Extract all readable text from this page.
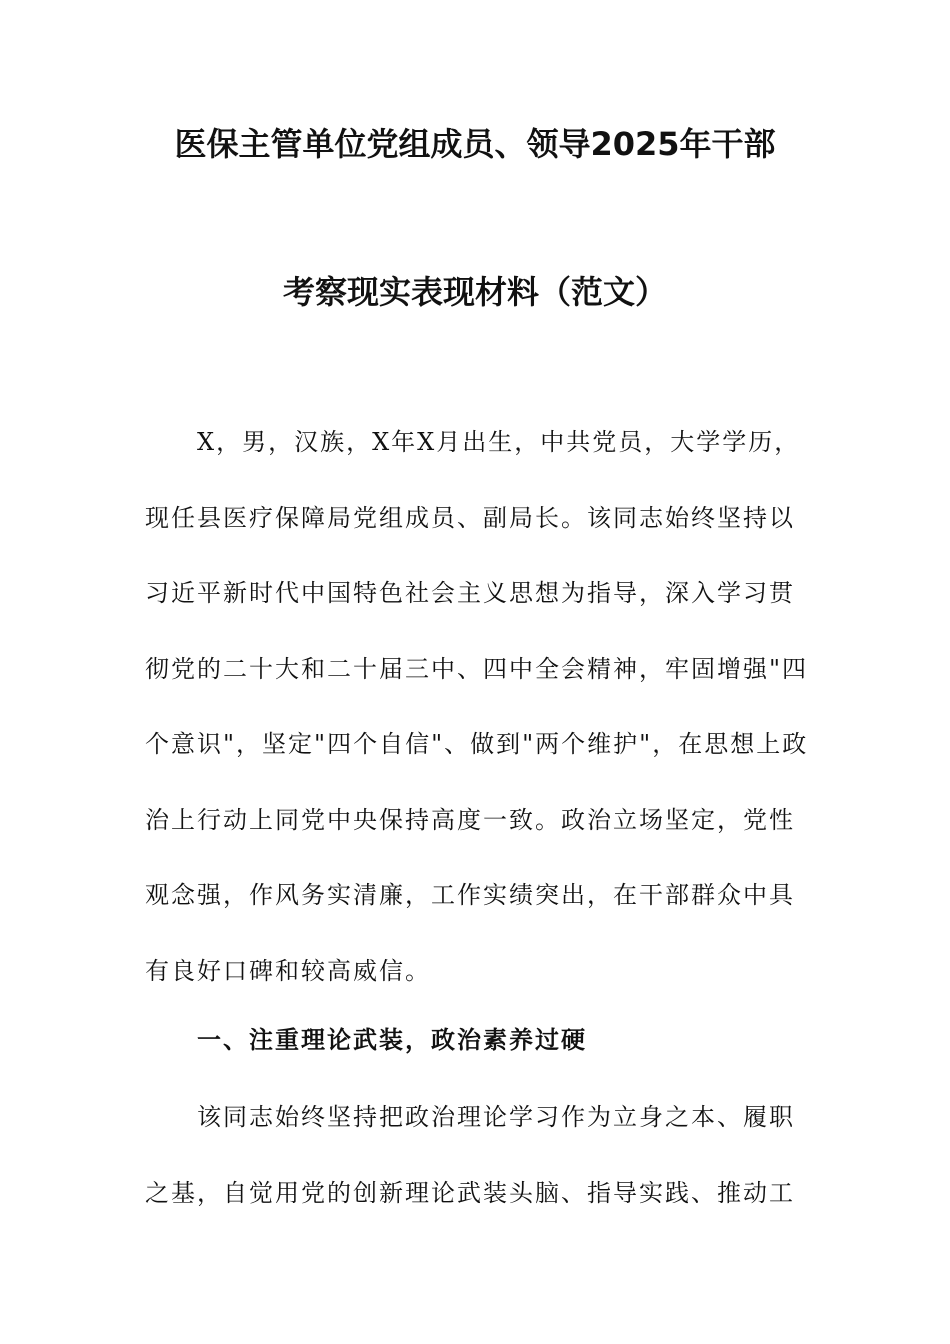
医保主管单位党组成员、领导2025年干部
考察现实表现材料（范文）
X，男，汉族，X年X月出生，中共党员，大学学历，
现任县医疗保障局党组成员、副局长。该同志始终坚持以
习近平新时代中国特色社会主义思想为指导，深入学习贯
彻党的二十大和二十届三中、四中全会精神，牢固增强"四
个意识"，坚定"四个自信"、做到"两个维护"，在思想上政
治上行动上同党中央保持高度一致。政治立场坚定，党性
观念强，作风务实清廉，工作实绩突出，在干部群众中具
有良好口碑和较高威信。
一、注重理论武装，政治素养过硬
该同志始终坚持把政治理论学习作为立身之本、履职
之基，自觉用党的创新理论武装头脑、指导实践、推动工
